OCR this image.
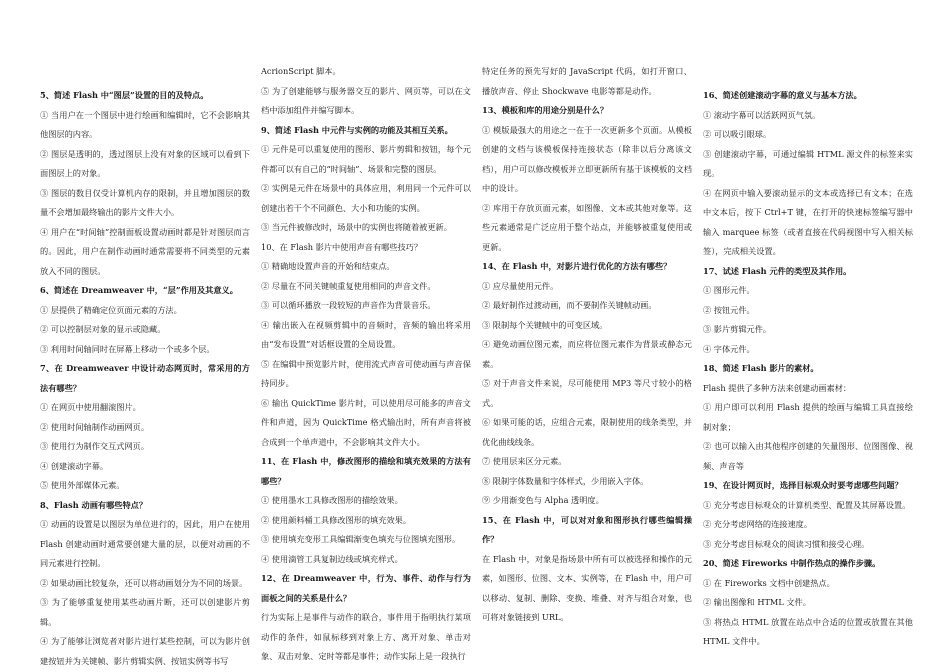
5、简述 Flash 中“图层”设置的目的及特点。

① 当用户在一个图层中进行绘画和编辑时，它不会影响其他图层的内容。

② 图层是透明的，透过图层上没有对象的区域可以看到下面图层上的对象。

③ 图层的数目仅受计算机内存的限制，并且增加图层的数量不会增加最终输出的影片文件大小。

④ 用户在“时间轴”控制面板设置动画时都是针对图层而言的。因此，用户在制作动画时通常需要将不同类型的元素放入不同的图层。

6、简述在 Dreamweaver 中，“层”作用及其意义。

① 层提供了精确定位页面元素的方法。

② 可以控制层对象的显示或隐藏。

③ 利用时间轴同时在屏幕上移动一个或多个层。

7、在 Dreamweaver 中设计动态网页时，常采用的方法有哪些？

① 在网页中使用翻滚图片。

② 使用时间轴制作动画网页。

③ 使用行为制作交互式网页。

④ 创建滚动字幕。

⑤ 使用外部媒体元素。

8、Flash 动画有哪些特点？

① 动画的设置是以图层为单位进行的，因此，用户在使用 Flash 创建动画时通常要创建大量的层，以便对动画的不同元素进行控制。

② 如果动画比较复杂，还可以将动画划分为不同的场景。

③ 为了能够重复使用某些动画片断，还可以创建影片剪辑。

④ 为了能够让浏览者对影片进行某些控制，可以为影片创建按钮并为关键帧、影片剪辑实例、按钮实例等书写

AcrionScript 脚本。

⑤ 为了创建能够与服务器交互的影片、网页等，可以在文档中添加组件并编写脚本。

9、简述 Flash 中元件与实例的功能及其相互关系。

① 元件是可以重复使用的图形、影片剪辑和按钮，每个元件都可以有自己的“时间轴”、场景和完整的图层。

② 实例是元件在场景中的具体应用，利用同一个元件可以创建出若干个不同颜色、大小和功能的实例。

③ 当元件被修改时，场景中的实例也将随着被更新。

10、在 Flash 影片中使用声音有哪些技巧？

① 精确地设置声音的开始和结束点。

② 尽量在不同关键帧重复使用相同的声音文件。

③ 可以循环播放一段较短的声音作为背景音乐。

④ 输出嵌入在视频剪辑中的音频时，音频的输出将采用由“发布设置”对话框设置的全局设置。

⑤ 在编辑中预览影片时，使用流式声音可使动画与声音保持同步。

⑥ 输出 QuickTime 影片时，可以使用尽可能多的声音文件和声道，因为 QuickTime 格式输出时，所有声音将被合成到一个单声道中，不会影响其文件大小。

11、在 Flash 中，修改图形的描绘和填充效果的方法有哪些？

① 使用墨水工具修改图形的描绘效果。

② 使用颜料桶工具修改图形的填充效果。

③ 使用填充变形工具编辑渐变色填充与位图填充图形。

④ 使用滴管工具复制边线或填充样式。

12、在 Dreamweaver 中，行为、事件、动作与行为面板之间的关系是什么？

行为实际上是事件与动作的联合，事件用于指明执行某项动作的条件，如鼠标移到对象上方、离开对象、单击对象、双击对象、定时等都是事件；动作实际上是一段执行

特定任务的预先写好的 JavaScript 代码，如打开窗口、播放声音、停止 Shockwave 电影等都是动作。

13、模板和库的用途分别是什么？

① 模版最强大的用途之一在于一次更新多个页面。从模板创建的文档与该模板保持连接状态（除非以后分离该文档），用户可以修改模板并立即更新所有基于该模板的文档中的设计。

② 库用于存放页面元素，如图像、文本或其他对象等。这些元素通常是广泛应用于整个站点，并能够被重复使用或更新。

14、在 Flash 中，对影片进行优化的方法有哪些？

① 应尽量使用元件。

② 最好制作过渡动画，而不要制作关键帧动画。

③ 限制每个关键帧中的可变区域。

④ 避免动画位图元素，而应将位图元素作为背景或静态元素。

⑤ 对于声音文件来说，尽可能使用 MP3 等尺寸较小的格式。

⑥ 如果可能的话，应组合元素，限制使用的线条类型，并优化曲线线条。

⑦ 使用层来区分元素。

⑧ 限制字体数量和字体样式，少用嵌入字体。

⑨ 少用渐变色与 Alpha 透明度。

15、在 Flash 中，可以对对象和图形执行哪些编辑操作？

在 Flash 中，对象是指场景中所有可以被选择和操作的元素，如图形、位图、文本、实例等，在 Flash 中，用户可以移动、复制、删除、变换、堆叠、对齐与组合对象，也可将对象链接到 URL。

16、简述创建滚动字幕的意义与基本方法。

① 滚动字幕可以活跃网页气氛。

② 可以吸引眼球。

③ 创建滚动字幕，可通过编辑 HTML 源文件的标签来实现。

④ 在网页中输入要滚动显示的文本或选择已有文本；在选中文本后，按下 Ctrl+T 键，在打开的快速标签编写器中输入 marquee 标签（或者直接在代码视图中写入相关标签），完成相关设置。

17、试述 Flash 元件的类型及其作用。

① 图形元件。

② 按钮元件。

③ 影片剪辑元件。

④ 字体元件。

18、简述 Flash 影片的素材。

Flash 提供了多种方法来创建动画素材：

① 用户即可以利用 Flash 提供的绘画与编辑工具直接绘制对象；

② 也可以输入由其他程序创建的矢量图形、位图图像、视频、声音等

19、在设计网页时，选择目标观众时要考虑哪些问题？

① 充分考虑目标观众的计算机类型、配置及其屏幕设置。

② 充分考虑网络的连接速度。

③ 充分考虑目标观众的阅读习惯和接受心理。

20、简述 Fireworks 中制作热点的操作步骤。

① 在 Fireworks 文档中创建热点。

② 输出图像和 HTML 文件。

③ 将热点 HTML 放置在站点中合适的位置或放置在其他 HTML 文件中。
